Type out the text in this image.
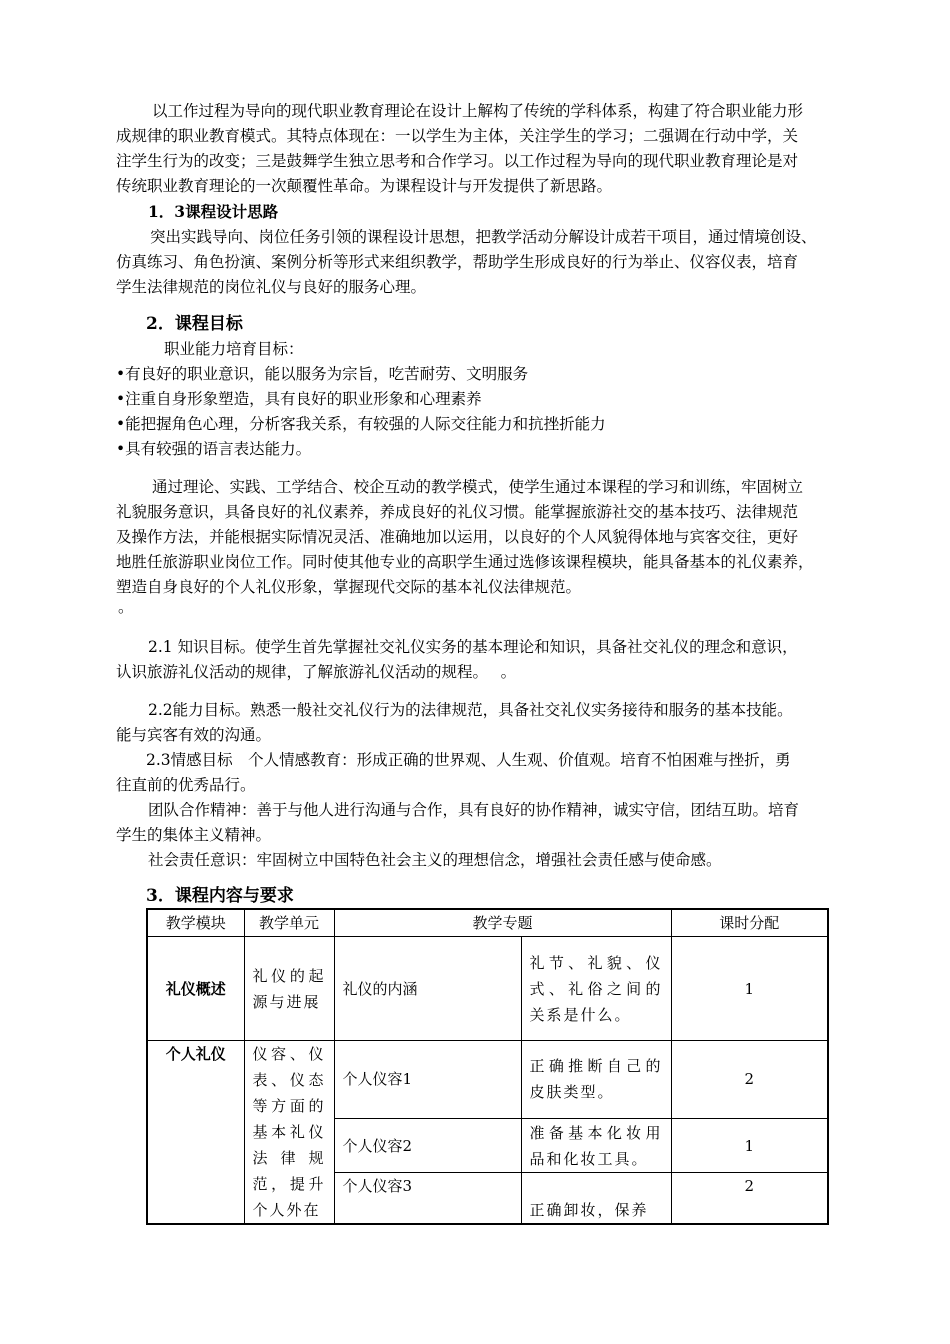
以工作过程为导向的现代职业教育理论在设计上解构了传统的学科体系，构建了符合职业能力形
成规律的职业教育模式。其特点体现在：一以学生为主体，关注学生的学习；二强调在行动中学，关
注学生行为的改变；三是鼓舞学生独立思考和合作学习。以工作过程为导向的现代职业教育理论是对
传统职业教育理论的一次颠覆性革命。为课程设计与开发提供了新思路。
1．3课程设计思路
突出实践导向、岗位任务引领的课程设计思想，把教学活动分解设计成若干项目，通过情境创设、
仿真练习、角色扮演、案例分析等形式来组织教学，帮助学生形成良好的行为举止、仪容仪表，培育
学生法律规范的岗位礼仪与良好的服务心理。
2．课程目标
职业能力培育目标：
•有良好的职业意识，能以服务为宗旨，吃苦耐劳、文明服务
•注重自身形象塑造，具有良好的职业形象和心理素养
•能把握角色心理，分析客我关系，有较强的人际交往能力和抗挫折能力
•具有较强的语言表达能力。
通过理论、实践、工学结合、校企互动的教学模式，使学生通过本课程的学习和训练，牢固树立
礼貌服务意识，具备良好的礼仪素养，养成良好的礼仪习惯。能掌握旅游社交的基本技巧、法律规范
及操作方法，并能根据实际情况灵活、准确地加以运用，以良好的个人风貌得体地与宾客交往，更好
地胜任旅游职业岗位工作。同时使其他专业的高职学生通过选修该课程模块，能具备基本的礼仪素养，
塑造自身良好的个人礼仪形象，掌握现代交际的基本礼仪法律规范。
。
2.1 知识目标。使学生首先掌握社交礼仪实务的基本理论和知识，具备社交礼仪的理念和意识，
认识旅游礼仪活动的规律，了解旅游礼仪活动的规程。　 。
2.2能力目标。熟悉一般社交礼仪行为的法律规范，具备社交礼仪实务接待和服务的基本技能。
能与宾客有效的沟通。
2.3情感目标　个人情感教育：形成正确的世界观、人生观、价值观。培育不怕困难与挫折，勇
往直前的优秀品行。
团队合作精神：善于与他人进行沟通与合作，具有良好的协作精神，诚实守信，团结互助。培育
学生的集体主义精神。
社会责任意识：牢固树立中国特色社会主义的理想信念，增强社会责任感与使命感。
3．课程内容与要求
教学模块	教学单元	教学专题		课时分配
礼仪概述	礼仪的起源与进展	礼仪的内涵	礼节、礼貌、仪式、礼俗之间的关系是什么。	1
个人礼仪	仪容、仪表、仪态等方面的基本礼仪法律规范，提升个人外在	个人仪容1	正确推断自己的皮肤类型。	2
		个人仪容2	准备基本化妆用品和化妆工具。	1
		个人仪容3	正确卸妆，保养	2
